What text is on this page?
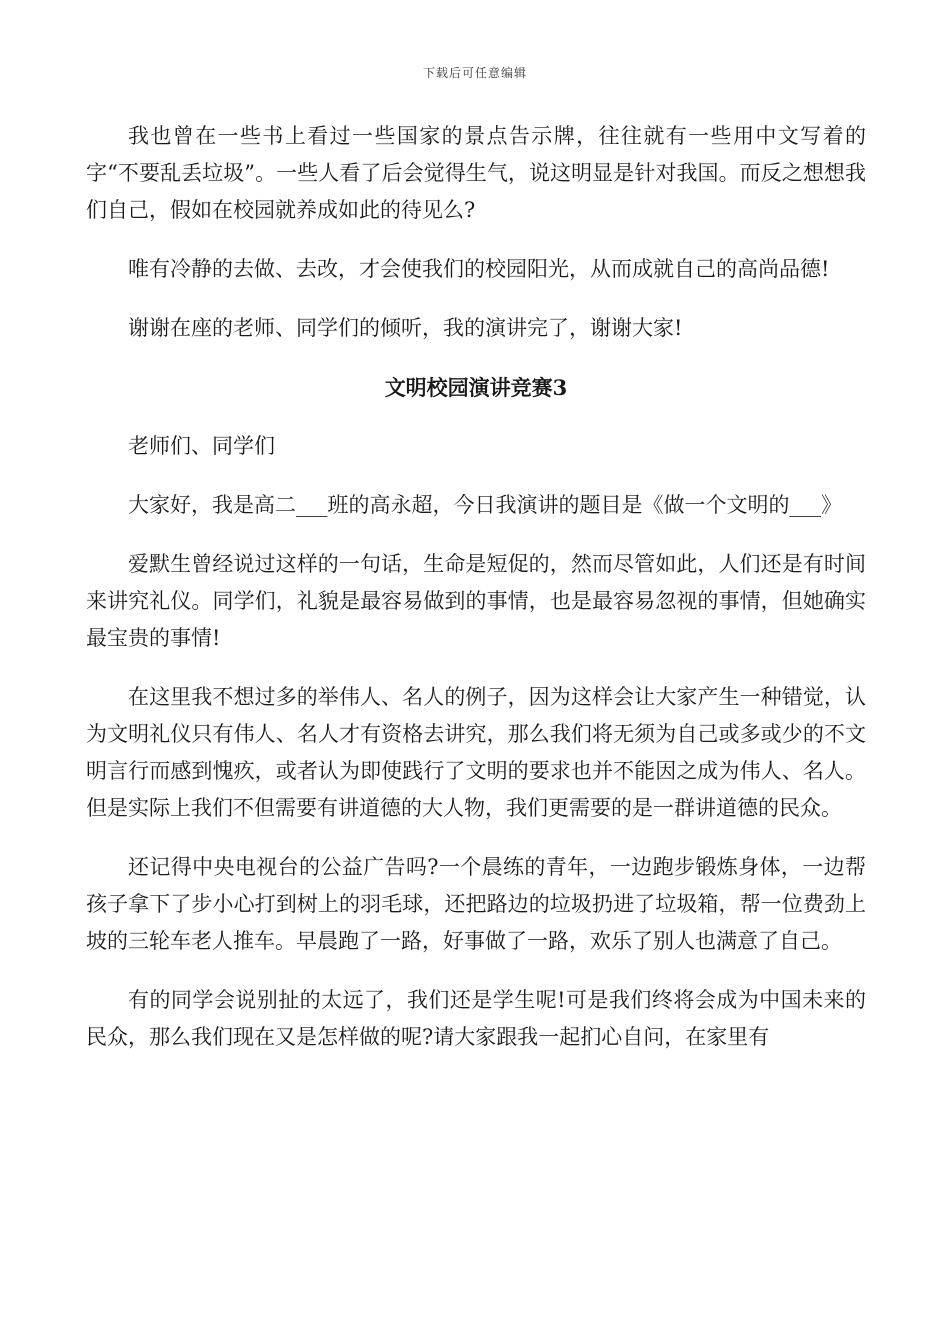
下载后可任意编辑

我也曾在一些书上看过一些国家的景点告示牌，往往就有一些用中文写着的字“不要乱丢垃圾”。一些人看了后会觉得生气，说这明显是针对我国。而反之想想我们自己，假如在校园就养成如此的待见么?

唯有冷静的去做、去改，才会使我们的校园阳光，从而成就自己的高尚品德!

谢谢在座的老师、同学们的倾听，我的演讲完了，谢谢大家!

文明校园演讲竞赛3

老师们、同学们

大家好，我是高二___班的高永超，今日我演讲的题目是《做一个文明的___》

爱默生曾经说过这样的一句话，生命是短促的，然而尽管如此，人们还是有时间来讲究礼仪。同学们，礼貌是最容易做到的事情，也是最容易忽视的事情，但她确实最宝贵的事情!

在这里我不想过多的举伟人、名人的例子，因为这样会让大家产生一种错觉，认为文明礼仪只有伟人、名人才有资格去讲究，那么我们将无须为自己或多或少的不文明言行而感到愧疚，或者认为即使践行了文明的要求也并不能因之成为伟人、名人。但是实际上我们不但需要有讲道德的大人物，我们更需要的是一群讲道德的民众。

还记得中央电视台的公益广告吗?一个晨练的青年，一边跑步锻炼身体，一边帮孩子拿下了步小心打到树上的羽毛球，还把路边的垃圾扔进了垃圾箱，帮一位费劲上坡的三轮车老人推车。早晨跑了一路，好事做了一路，欢乐了别人也满意了自己。

有的同学会说别扯的太远了，我们还是学生呢!可是我们终将会成为中国未来的民众，那么我们现在又是怎样做的呢?请大家跟我一起扪心自问，在家里有
